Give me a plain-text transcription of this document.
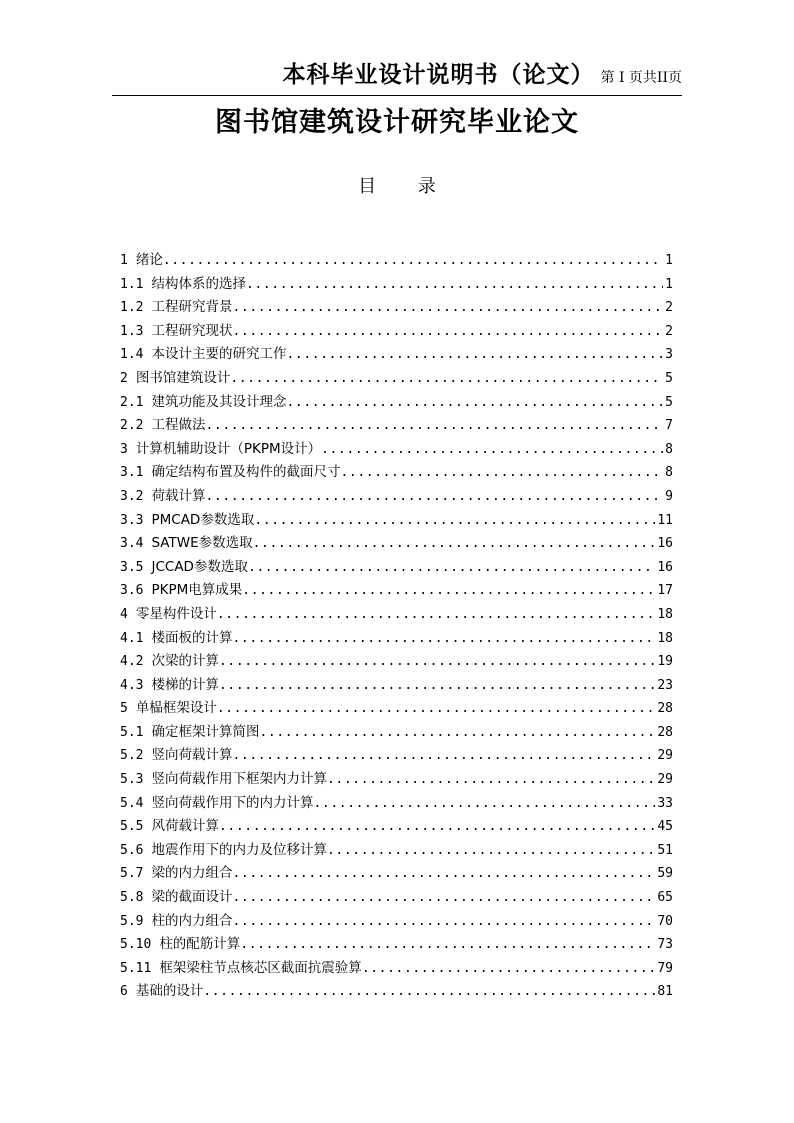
本科毕业设计说明书（论文） 第 I 页共II页
图书馆建筑设计研究毕业论文
目 录
1 绪论 .....	1
1.1 结构体系的选择 .....	1
1.2 工程研究背景 .....	2
1.3 工程研究现状 .....	2
1.4 本设计主要的研究工作 .....	3
2 图书馆建筑设计 .....	5
2.1 建筑功能及其设计理念 .....	5
2.2 工程做法 .....	7
3 计算机辅助设计（PKPM设计） .....	8
3.1 确定结构布置及构件的截面尺寸 .....	8
3.2 荷载计算 .....	9
3.3 PMCAD参数选取 .....	11
3.4 SATWE参数选取 .....	16
3.5 JCCAD参数选取 .....	16
3.6 PKPM电算成果 .....	17
4 零星构件设计 .....	18
4.1 楼面板的计算 .....	18
4.2 次梁的计算 .....	19
4.3 楼梯的计算 .....	23
5 单榀框架设计 .....	28
5.1 确定框架计算简图 .....	28
5.2 竖向荷载计算 .....	29
5.3 竖向荷载作用下框架内力计算 .....	29
5.4 竖向荷载作用下的内力计算 .....	33
5.5 风荷载计算 .....	45
5.6 地震作用下的内力及位移计算 .....	51
5.7 梁的内力组合 .....	59
5.8 梁的截面设计 .....	65
5.9 柱的内力组合 .....	70
5.10 柱的配筋计算 .....	73
5.11 框架梁柱节点核芯区截面抗震验算 .....	79
6 基础的设计 .....	81
